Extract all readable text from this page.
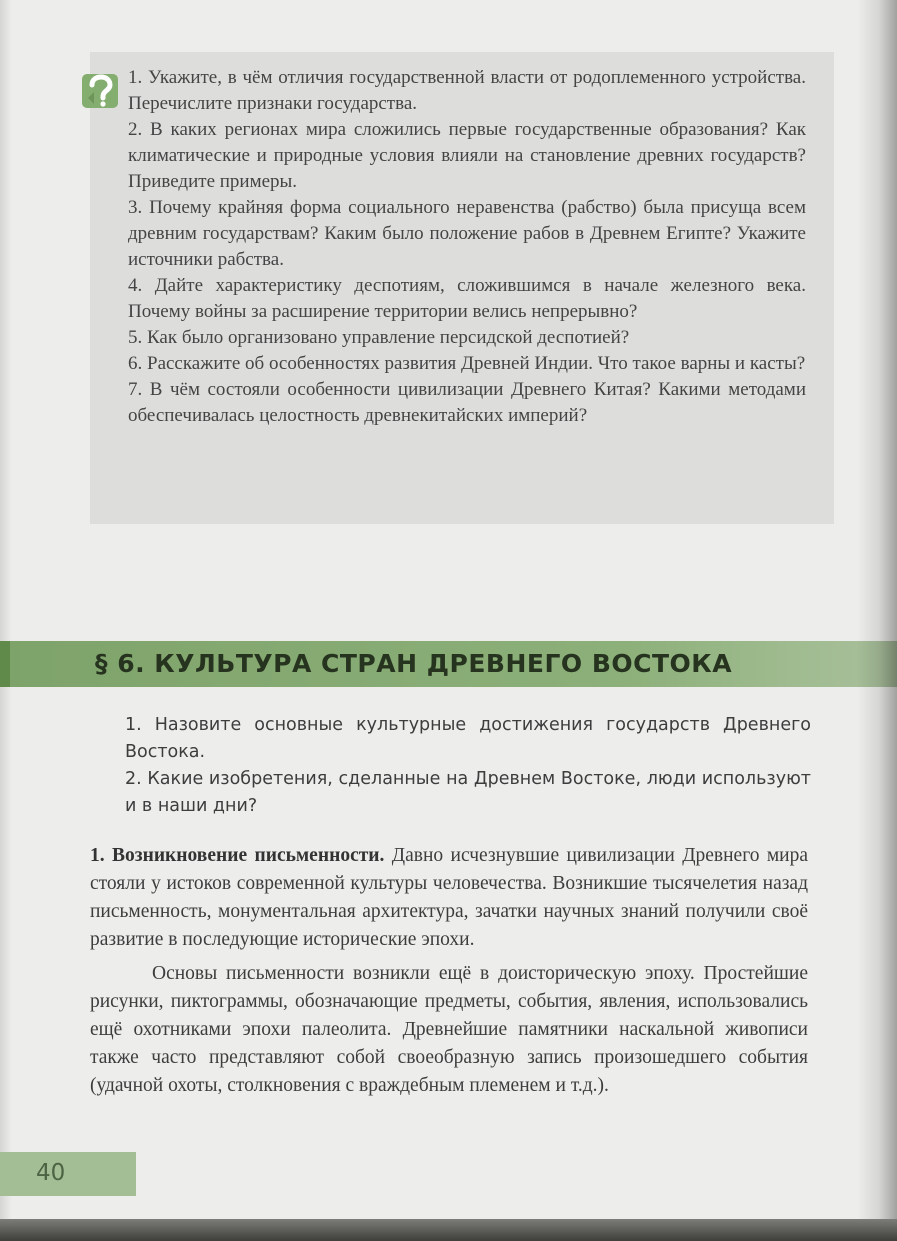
1. Укажите, в чём отличия государственной власти от родоплеменного устройства. Перечислите признаки государства.
2. В каких регионах мира сложились первые государственные образования? Как климатические и природные условия влияли на становление древних государств? Приведите примеры.
3. Почему крайняя форма социального неравенства (рабство) была присуща всем древним государствам? Каким было положение рабов в Древнем Египте? Укажите источники рабства.
4. Дайте характеристику деспотиям, сложившимся в начале железного века. Почему войны за расширение территории велись непрерывно?
5. Как было организовано управление персидской деспотией?
6. Расскажите об особенностях развития Древней Индии. Что такое варны и касты?
7. В чём состояли особенности цивилизации Древнего Китая? Какими методами обеспечивалась целостность древнекитайских империй?
§ 6. КУЛЬТУРА СТРАН ДРЕВНЕГО ВОСТОКА
1. Назовите основные культурные достижения государств Древнего Востока.
2. Какие изобретения, сделанные на Древнем Востоке, люди используют и в наши дни?

1. Возникновение письменности. Давно исчезнувшие цивилизации Древнего мира стояли у истоков современной культуры человечества. Возникшие тысячелетия назад письменность, монументальная архитектура, зачатки научных знаний получили своё развитие в последующие исторические эпохи.

Основы письменности возникли ещё в доисторическую эпоху. Простейшие рисунки, пиктограммы, обозначающие предметы, события, явления, использовались ещё охотниками эпохи палеолита. Древнейшие памятники наскальной живописи также часто представляют собой своеобразную запись произошедшего события (удачной охоты, столкновения с враждебным племенем и т.д.).

40
